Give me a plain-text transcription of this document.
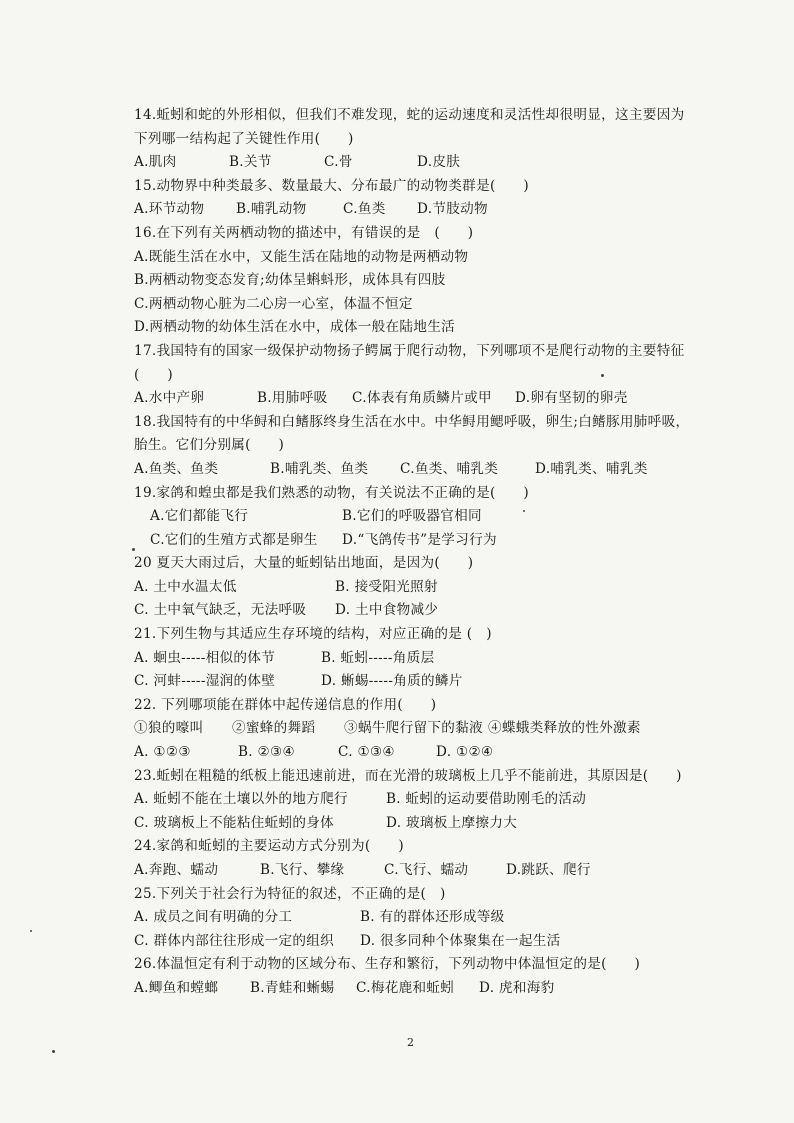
14.蚯蚓和蛇的外形相似，但我们不难发现，蛇的运动速度和灵活性却很明显，这主要因为
下列哪一结构起了关键性作用(　　)
A.肌肉	B.关节	C.骨	D.皮肤
15.动物界中种类最多、数量最大、分布最广的动物类群是(　　)
A.环节动物 B.哺乳动物	C.鱼类 D.节肢动物
16.在下列有关两栖动物的描述中，有错误的是　(　　)
A.既能生活在水中，又能生活在陆地的动物是两栖动物
B.两栖动物变态发育;幼体呈蝌蚪形，成体具有四肢
C.两栖动物心脏为二心房一心室，体温不恒定
D.两栖动物的幼体生活在水中，成体一般在陆地生活
17.我国特有的国家一级保护动物扬子鳄属于爬行动物，下列哪项不是爬行动物的主要特征
(　　)
A.水中产卵	B.用肺呼吸 C.体表有角质鳞片或甲 D.卵有坚韧的卵壳
18.我国特有的中华鲟和白鳍豚终身生活在水中。中华鲟用鳃呼吸，卵生;白鳍豚用肺呼吸，
胎生。它们分别属(　　)
A.鱼类、鱼类	B.哺乳类、鱼类 C.鱼类、哺乳类	D.哺乳类、哺乳类
19.家鸽和蝗虫都是我们熟悉的动物，有关说法不正确的是(　　)
A.它们都能飞行	B.它们的呼吸器官相同
C.它们的生殖方式都是卵生 D.“飞鸽传书”是学习行为
20 夏天大雨过后，大量的蚯蚓钻出地面，是因为(　　)
A. 土中水温太低	B. 接受阳光照射
C. 土中氧气缺乏，无法呼吸 D. 土中食物减少
21.下列生物与其适应生存环境的结构，对应正确的是 (　)
A. 蛔虫-----相似的体节	B. 蚯蚓-----角质层
C. 河蚌-----湿润的体壁	D. 蜥蜴-----角质的鳞片
22. 下列哪项能在群体中起传递信息的作用(　　)
①狼的嚎叫 ②蜜蜂的舞蹈 ③蜗牛爬行留下的黏液 ④蝶蛾类释放的性外激素
A. ①②③	B. ②③④	C. ①③④	D. ①②④
23.蚯蚓在粗糙的纸板上能迅速前进，而在光滑的玻璃板上几乎不能前进，其原因是(　　)
A. 蚯蚓不能在土壤以外的地方爬行	B. 蚯蚓的运动要借助刚毛的活动
C. 玻璃板上不能粘住蚯蚓的身体	D. 玻璃板上摩擦力大
24.家鸽和蚯蚓的主要运动方式分别为(　　)
A.奔跑、蠕动	B.飞行、攀缘	C.飞行、蠕动	D.跳跃、爬行
25.下列关于社会行为特征的叙述，不正确的是(　)
A. 成员之间有明确的分工	B. 有的群体还形成等级
C. 群体内部往往形成一定的组织 D. 很多同种个体聚集在一起生活
26.体温恒定有利于动物的区域分布、生存和繁衍，下列动物中体温恒定的是(　　)
A.鲫鱼和螳螂 B.青蛙和蜥蜴 C.梅花鹿和蚯蚓 D. 虎和海豹
2
